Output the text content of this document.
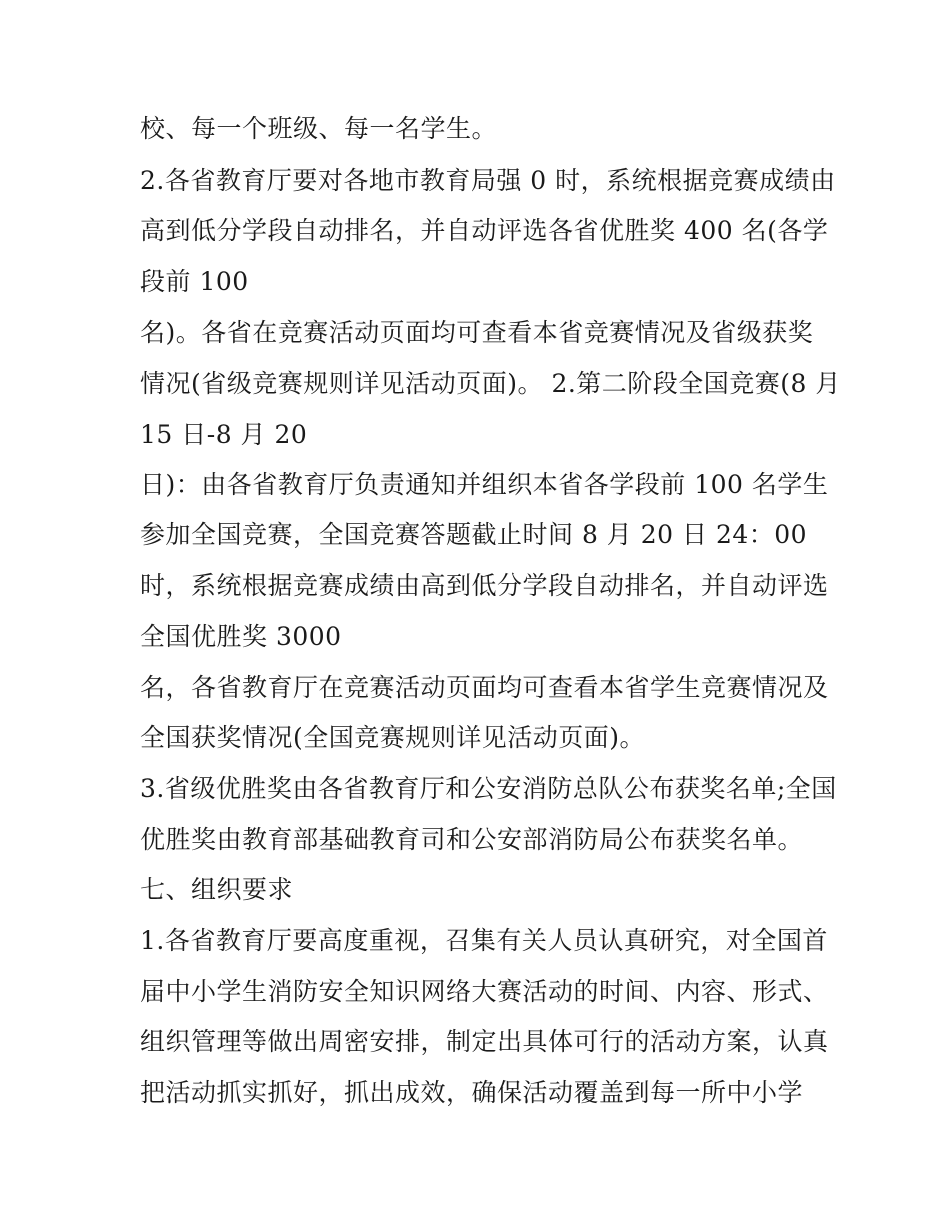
校、每一个班级、每一名学生。
2.各省教育厅要对各地市教育局强 0 时，系统根据竞赛成绩由
高到低分学段自动排名，并自动评选各省优胜奖 400 名(各学
段前 100
名)。各省在竞赛活动页面均可查看本省竞赛情况及省级获奖
情况(省级竞赛规则详见活动页面)。 2.第二阶段全国竞赛(8 月
15 日-8 月 20
日)：由各省教育厅负责通知并组织本省各学段前 100 名学生
参加全国竞赛，全国竞赛答题截止时间 8 月 20 日 24：00
时，系统根据竞赛成绩由高到低分学段自动排名，并自动评选
全国优胜奖 3000
名，各省教育厅在竞赛活动页面均可查看本省学生竞赛情况及
全国获奖情况(全国竞赛规则详见活动页面)。
3.省级优胜奖由各省教育厅和公安消防总队公布获奖名单;全国
优胜奖由教育部基础教育司和公安部消防局公布获奖名单。
七、组织要求
1.各省教育厅要高度重视，召集有关人员认真研究，对全国首
届中小学生消防安全知识网络大赛活动的时间、内容、形式、
组织管理等做出周密安排，制定出具体可行的活动方案，认真
把活动抓实抓好，抓出成效，确保活动覆盖到每一所中小学
